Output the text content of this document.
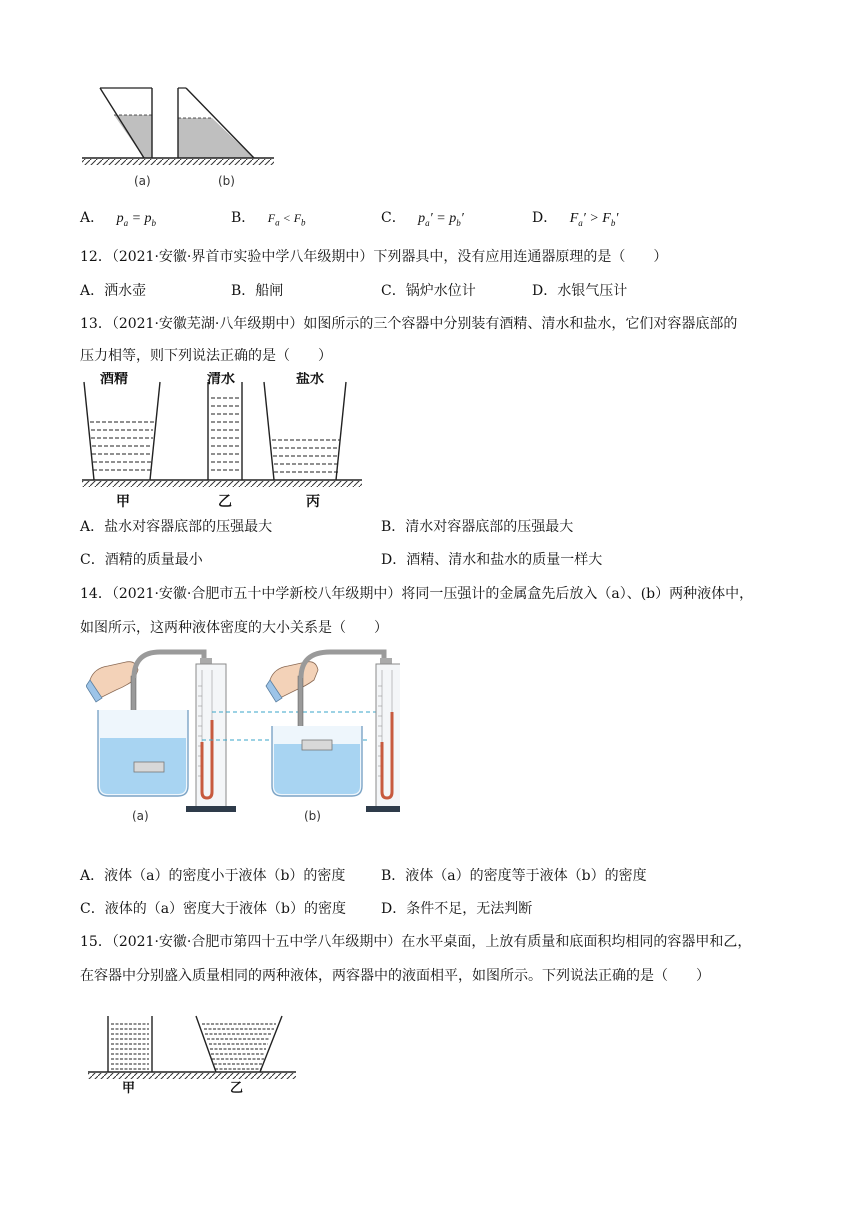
(a)	(b)
A． $p_a = p_b$	B． $F_a < F_b$	C． $p_a' = p_b'$	D． $F_a' > F_b'$
12．（2021·安徽·界首市实验中学八年级期中）下列器具中，没有应用连通器原理的是（　　）
A．洒水壶	B．船闸	C．锅炉水位计	D．水银气压计
13．（2021·安徽芜湖·八年级期中）如图所示的三个容器中分别装有酒精、清水和盐水，它们对容器底部的
压力相等，则下列说法正确的是（　　）
酒精	清水	盐水
甲	乙	丙
A．盐水对容器底部的压强最大	B．清水对容器底部的压强最大
C．酒精的质量最小	D．酒精、清水和盐水的质量一样大
14．（2021·安徽·合肥市五十中学新校八年级期中）将同一压强计的金属盒先后放入（a）、(b）两种液体中，
如图所示，这两种液体密度的大小关系是（　　）
(a)	(b)
A．液体（a）的密度小于液体（b）的密度	B．液体（a）的密度等于液体（b）的密度
C．液体的（a）密度大于液体（b）的密度 D．条件不足，无法判断
15．（2021·安徽·合肥市第四十五中学八年级期中）在水平桌面，上放有质量和底面积均相同的容器甲和乙，
在容器中分别盛入质量相同的两种液体，两容器中的液面相平，如图所示。下列说法正确的是（　　）
甲	乙
